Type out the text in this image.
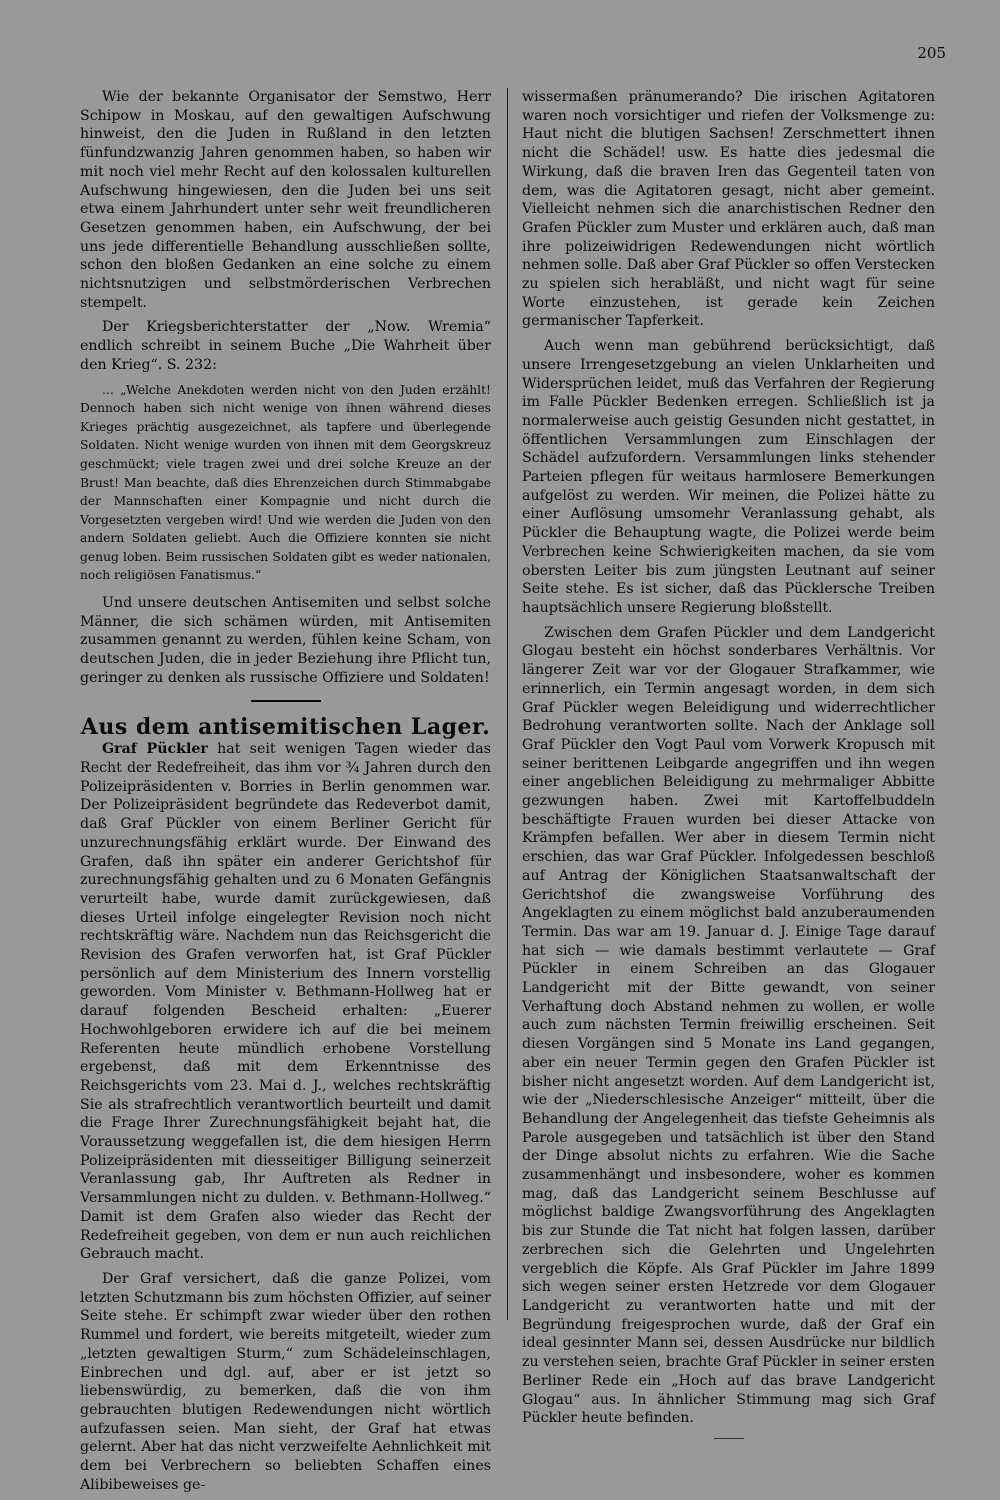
205

Wie der bekannte Organisator der Semstwo, Herr Schipow in Moskau, auf den gewaltigen Aufschwung hinweist, den die Juden in Rußland in den letzten fünfundzwanzig Jahren genommen haben, so haben wir mit noch viel mehr Recht auf den kolossalen kulturellen Aufschwung hingewiesen, den die Juden bei uns seit etwa einem Jahrhundert unter sehr weit freundlicheren Gesetzen genommen haben, ein Aufschwung, der bei uns jede differentielle Behandlung ausschließen sollte, schon den bloßen Gedanken an eine solche zu einem nichtsnutzigen und selbstmörderischen Verbrechen stempelt.

Der Kriegsberichterstatter der „Now. Wremia“ endlich schreibt in seinem Buche „Die Wahrheit über den Krieg“. S. 232:

... „Welche Anekdoten werden nicht von den Juden erzählt! Dennoch haben sich nicht wenige von ihnen während dieses Krieges prächtig ausgezeichnet, als tapfere und überlegende Soldaten. Nicht wenige wurden von ihnen mit dem Georgskreuz geschmückt; viele tragen zwei und drei solche Kreuze an der Brust! Man beachte, daß dies Ehrenzeichen durch Stimmabgabe der Mannschaften einer Kompagnie und nicht durch die Vorgesetzten vergeben wird! Und wie werden die Juden von den andern Soldaten geliebt. Auch die Offiziere konnten sie nicht genug loben. Beim russischen Soldaten gibt es weder nationalen, noch religiösen Fanatismus.“

Und unsere deutschen Antisemiten und selbst solche Männer, die sich schämen würden, mit Antisemiten zusammen genannt zu werden, fühlen keine Scham, von deutschen Juden, die in jeder Beziehung ihre Pflicht tun, geringer zu denken als russische Offiziere und Soldaten!

Aus dem antisemitischen Lager.

Graf Pückler hat seit wenigen Tagen wieder das Recht der Redefreiheit, das ihm vor ¾ Jahren durch den Polizeipräsidenten v. Borries in Berlin genommen war. Der Polizeipräsident begründete das Redeverbot damit, daß Graf Pückler von einem Berliner Gericht für unzurechnungsfähig erklärt wurde. Der Einwand des Grafen, daß ihn später ein anderer Gerichtshof für zurechnungsfähig gehalten und zu 6 Monaten Gefängnis verurteilt habe, wurde damit zurückgewiesen, daß dieses Urteil infolge eingelegter Revision noch nicht rechtskräftig wäre. Nachdem nun das Reichsgericht die Revision des Grafen verworfen hat, ist Graf Pückler persönlich auf dem Ministerium des Innern vorstellig geworden. Vom Minister v. Bethmann-Hollweg hat er darauf folgenden Bescheid erhalten: „Euerer Hochwohlgeboren erwidere ich auf die bei meinem Referenten heute mündlich erhobene Vorstellung ergebenst, daß mit dem Erkenntnisse des Reichsgerichts vom 23. Mai d. J., welches rechtskräftig Sie als strafrechtlich verantwortlich beurteilt und damit die Frage Ihrer Zurechnungsfähigkeit bejaht hat, die Voraussetzung weggefallen ist, die dem hiesigen Herrn Polizeipräsidenten mit diesseitiger Billigung seinerzeit Veranlassung gab, Ihr Auftreten als Redner in Versammlungen nicht zu dulden. v. Bethmann-Hollweg.“ Damit ist dem Grafen also wieder das Recht der Redefreiheit gegeben, von dem er nun auch reichlichen Gebrauch macht.

Der Graf versichert, daß die ganze Polizei, vom letzten Schutzmann bis zum höchsten Offizier, auf seiner Seite stehe. Er schimpft zwar wieder über den rothen Rummel und fordert, wie bereits mitgeteilt, wieder zum „letzten gewaltigen Sturm,“ zum Schädeleinschlagen, Einbrechen und dgl. auf, aber er ist jetzt so liebenswürdig, zu bemerken, daß die von ihm gebrauchten blutigen Redewendungen nicht wörtlich aufzufassen seien. Man sieht, der Graf hat etwas gelernt. Aber hat das nicht verzweifelte Aehnlichkeit mit dem bei Verbrechern so beliebten Schaffen eines Alibibeweises ge-

wissermaßen pränumerando? Die irischen Agitatoren waren noch vorsichtiger und riefen der Volksmenge zu: Haut nicht die blutigen Sachsen! Zerschmettert ihnen nicht die Schädel! usw. Es hatte dies jedesmal die Wirkung, daß die braven Iren das Gegenteil taten von dem, was die Agitatoren gesagt, nicht aber gemeint. Vielleicht nehmen sich die anarchistischen Redner den Grafen Pückler zum Muster und erklären auch, daß man ihre polizeiwidrigen Redewendungen nicht wörtlich nehmen solle. Daß aber Graf Pückler so offen Verstecken zu spielen sich herabläßt, und nicht wagt für seine Worte einzustehen, ist gerade kein Zeichen germanischer Tapferkeit.

Auch wenn man gebührend berücksichtigt, daß unsere Irrengesetzgebung an vielen Unklarheiten und Widersprüchen leidet, muß das Verfahren der Regierung im Falle Pückler Bedenken erregen. Schließlich ist ja normalerweise auch geistig Gesunden nicht gestattet, in öffentlichen Versammlungen zum Einschlagen der Schädel aufzufordern. Versammlungen links stehender Parteien pflegen für weitaus harmlosere Bemerkungen aufgelöst zu werden. Wir meinen, die Polizei hätte zu einer Auflösung umsomehr Veranlassung gehabt, als Pückler die Behauptung wagte, die Polizei werde beim Verbrechen keine Schwierigkeiten machen, da sie vom obersten Leiter bis zum jüngsten Leutnant auf seiner Seite stehe. Es ist sicher, daß das Pücklersche Treiben hauptsächlich unsere Regierung bloßstellt.

Zwischen dem Grafen Pückler und dem Landgericht Glogau besteht ein höchst sonderbares Verhältnis. Vor längerer Zeit war vor der Glogauer Strafkammer, wie erinnerlich, ein Termin angesagt worden, in dem sich Graf Pückler wegen Beleidigung und widerrechtlicher Bedrohung verantworten sollte. Nach der Anklage soll Graf Pückler den Vogt Paul vom Vorwerk Kropusch mit seiner berittenen Leibgarde angegriffen und ihn wegen einer angeblichen Beleidigung zu mehrmaliger Abbitte gezwungen haben. Zwei mit Kartoffelbuddeln beschäftigte Frauen wurden bei dieser Attacke von Krämpfen befallen. Wer aber in diesem Termin nicht erschien, das war Graf Pückler. Infolgedessen beschloß auf Antrag der Königlichen Staatsanwaltschaft der Gerichtshof die zwangsweise Vorführung des Angeklagten zu einem möglichst bald anzuberaumenden Termin. Das war am 19. Januar d. J. Einige Tage darauf hat sich — wie damals bestimmt verlautete — Graf Pückler in einem Schreiben an das Glogauer Landgericht mit der Bitte gewandt, von seiner Verhaftung doch Abstand nehmen zu wollen, er wolle auch zum nächsten Termin freiwillig erscheinen. Seit diesen Vorgängen sind 5 Monate ins Land gegangen, aber ein neuer Termin gegen den Grafen Pückler ist bisher nicht angesetzt worden. Auf dem Landgericht ist, wie der „Niederschlesische Anzeiger“ mitteilt, über die Behandlung der Angelegenheit das tiefste Geheimnis als Parole ausgegeben und tatsächlich ist über den Stand der Dinge absolut nichts zu erfahren. Wie die Sache zusammenhängt und insbesondere, woher es kommen mag, daß das Landgericht seinem Beschlusse auf möglichst baldige Zwangsvorführung des Angeklagten bis zur Stunde die Tat nicht hat folgen lassen, darüber zerbrechen sich die Gelehrten und Ungelehrten vergeblich die Köpfe. Als Graf Pückler im Jahre 1899 sich wegen seiner ersten Hetzrede vor dem Glogauer Landgericht zu verantworten hatte und mit der Begründung freigesprochen wurde, daß der Graf ein ideal gesinnter Mann sei, dessen Ausdrücke nur bildlich zu verstehen seien, brachte Graf Pückler in seiner ersten Berliner Rede ein „Hoch auf das brave Landgericht Glogau“ aus. In ähnlicher Stimmung mag sich Graf Pückler heute befinden.
